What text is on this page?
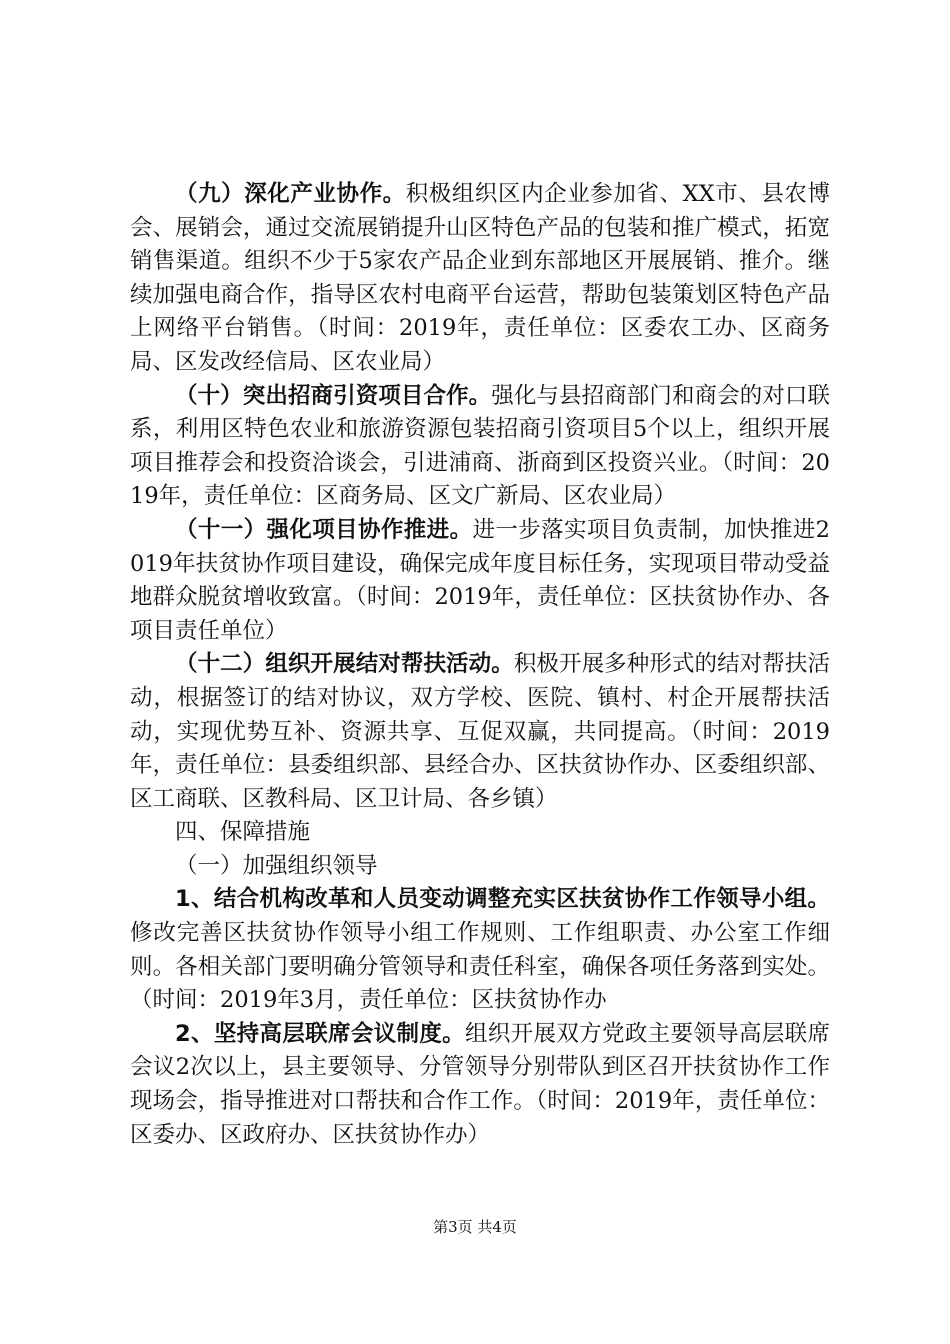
（九）深化产业协作。积极组织区内企业参加省、XX市、县农博会、展销会，通过交流展销提升山区特色产品的包装和推广模式，拓宽销售渠道。组织不少于5家农产品企业到东部地区开展展销、推介。继续加强电商合作，指导区农村电商平台运营，帮助包装策划区特色产品上网络平台销售。（时间：2019年，责任单位：区委农工办、区商务局、区发改经信局、区农业局）

（十）突出招商引资项目合作。强化与县招商部门和商会的对口联系，利用区特色农业和旅游资源包装招商引资项目5个以上，组织开展项目推荐会和投资洽谈会，引进浦商、浙商到区投资兴业。（时间：2019年，责任单位：区商务局、区文广新局、区农业局）

（十一）强化项目协作推进。进一步落实项目负责制，加快推进2019年扶贫协作项目建设，确保完成年度目标任务，实现项目带动受益地群众脱贫增收致富。（时间：2019年，责任单位：区扶贫协作办、各项目责任单位）

（十二）组织开展结对帮扶活动。积极开展多种形式的结对帮扶活动，根据签订的结对协议，双方学校、医院、镇村、村企开展帮扶活动，实现优势互补、资源共享、互促双赢，共同提高。（时间：2019年，责任单位：县委组织部、县经合办、区扶贫协作办、区委组织部、区工商联、区教科局、区卫计局、各乡镇）

四、保障措施

（一）加强组织领导

1、结合机构改革和人员变动调整充实区扶贫协作工作领导小组。修改完善区扶贫协作领导小组工作规则、工作组职责、办公室工作细则。各相关部门要明确分管领导和责任科室，确保各项任务落到实处。（时间：2019年3月，责任单位：区扶贫协作办

2、坚持高层联席会议制度。组织开展双方党政主要领导高层联席会议2次以上，县主要领导、分管领导分别带队到区召开扶贫协作工作现场会，指导推进对口帮扶和合作工作。（时间：2019年，责任单位：区委办、区政府办、区扶贫协作办）

第3页 共4页
